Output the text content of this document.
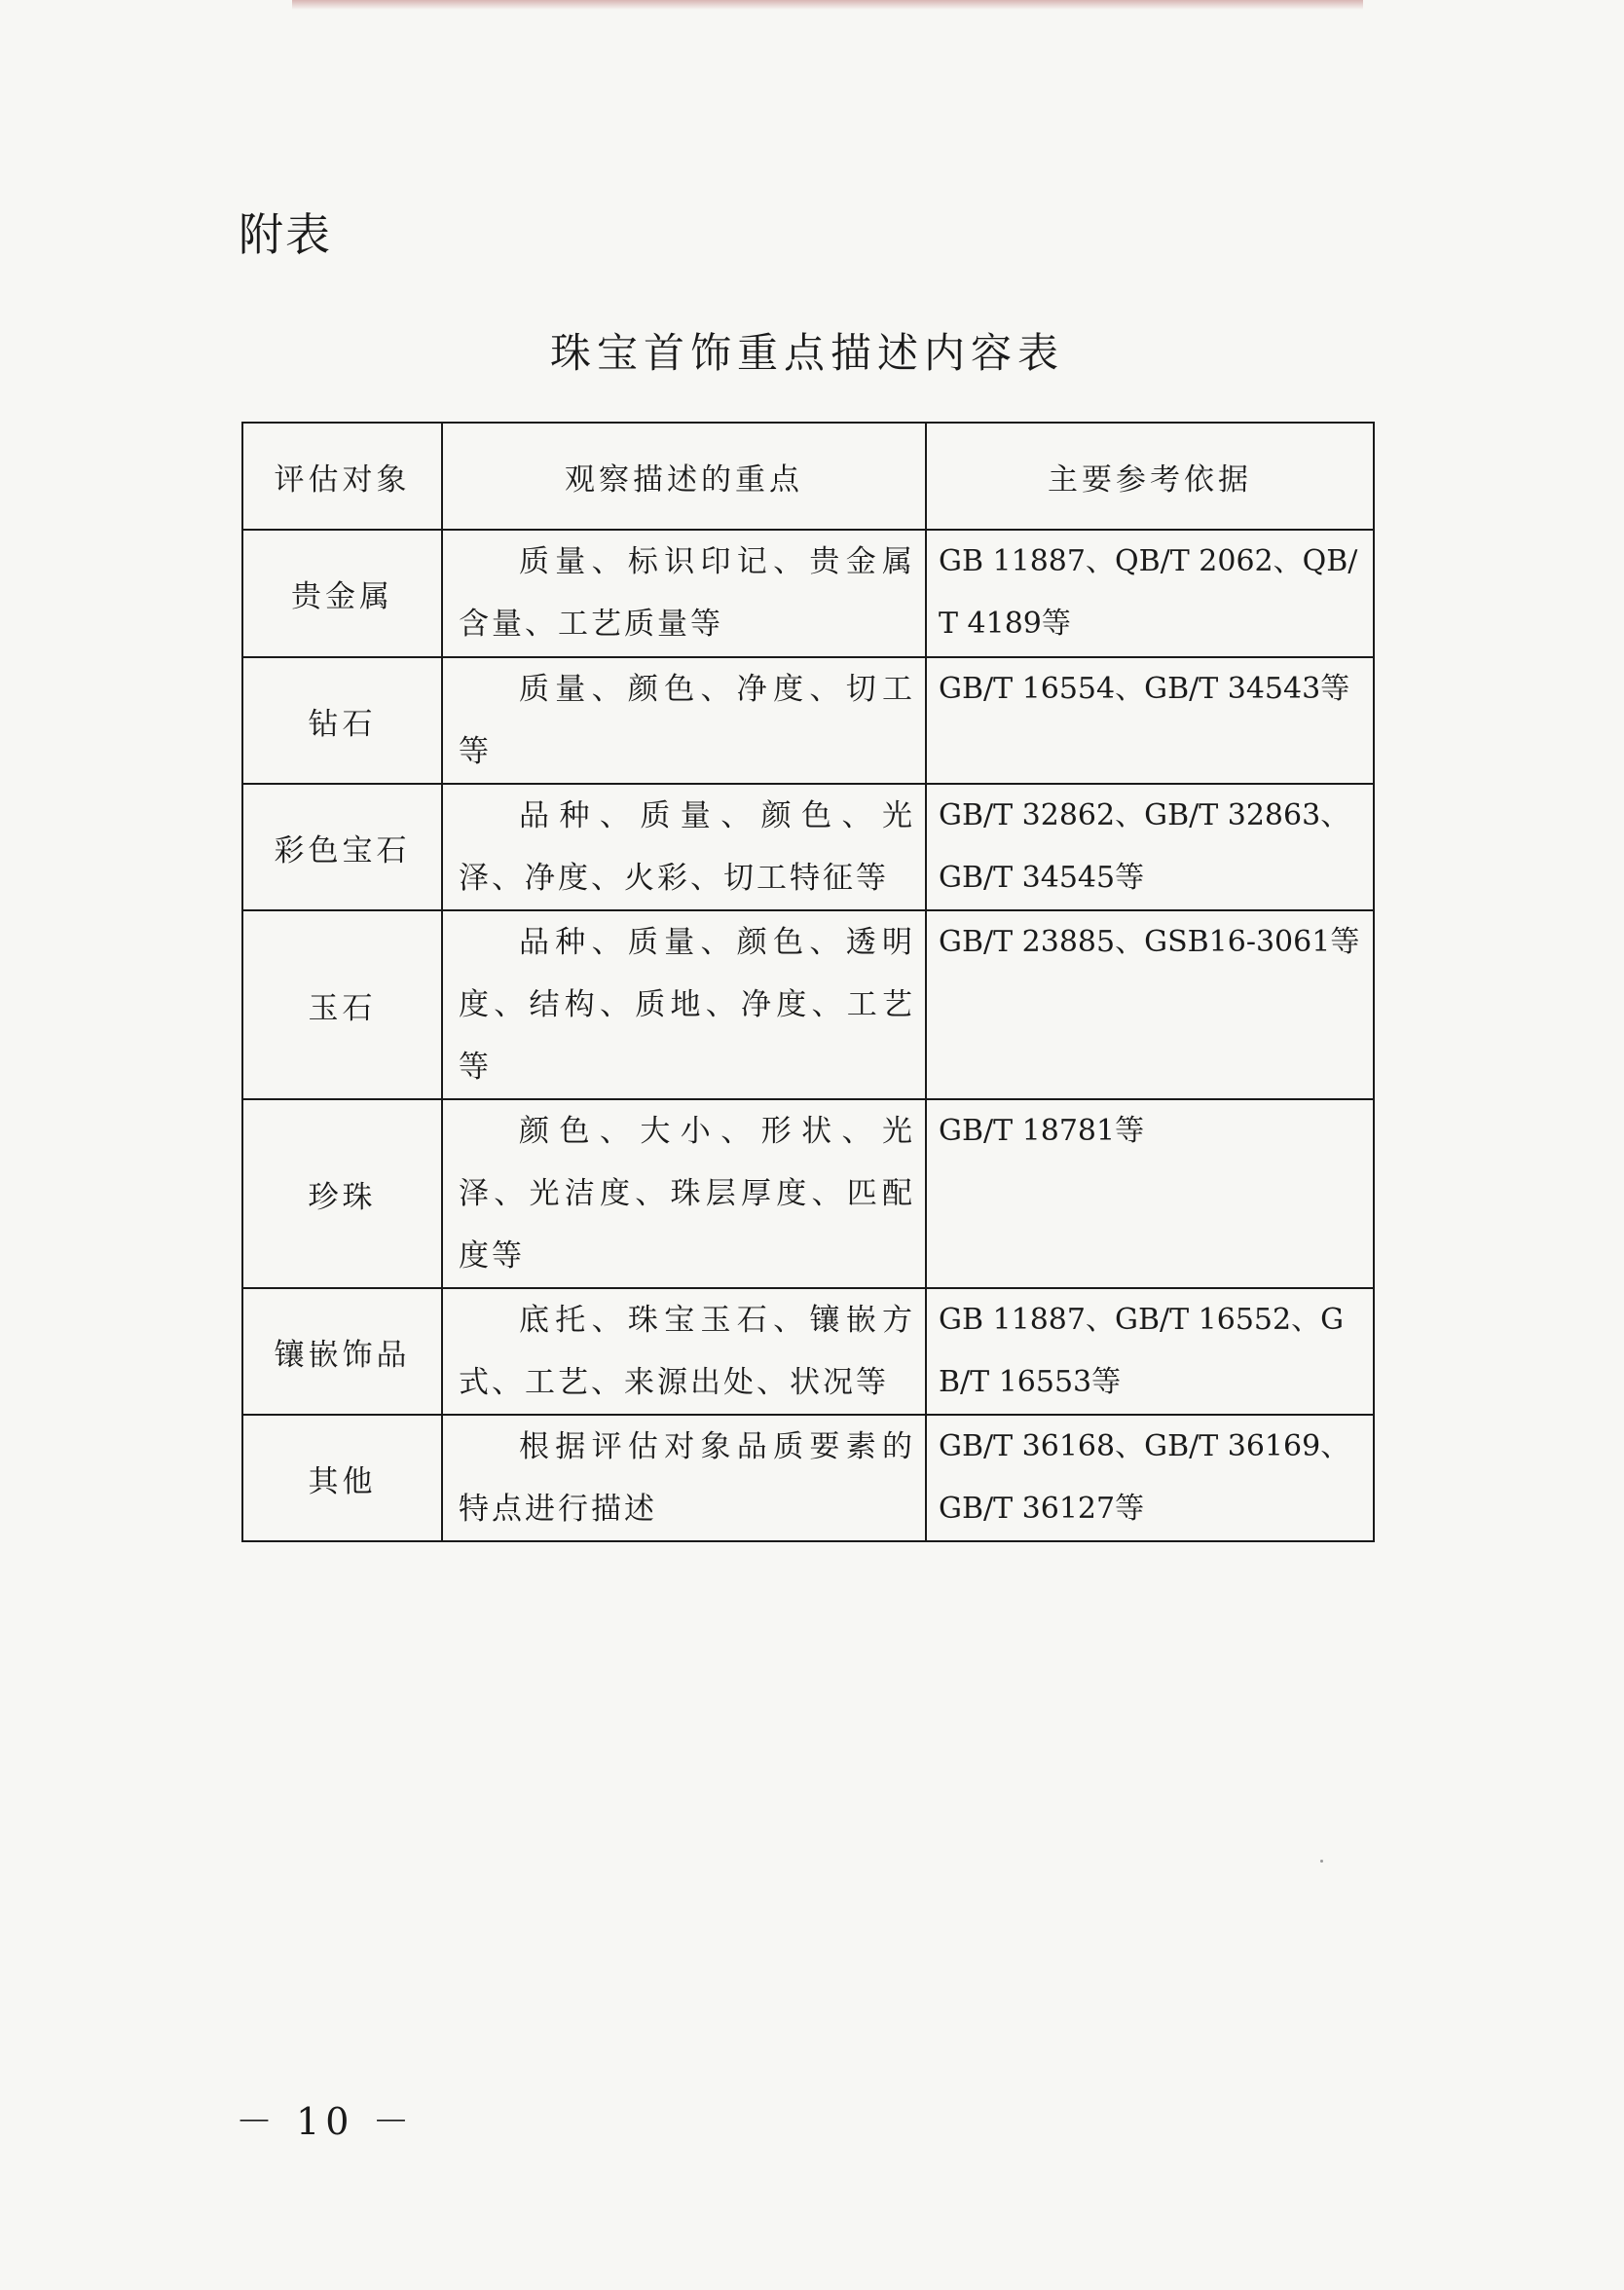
附表
珠宝首饰重点描述内容表
评估对象	观察描述的重点	主要参考依据
贵金属	质量、标识印记、贵金属含量、工艺质量等	GB 11887、QB/T 2062、QB/T 4189等
钻石	质量、颜色、净度、切工等	GB/T 16554、GB/T 34543等
彩色宝石	品种、质量、颜色、光泽、净度、火彩、切工特征等	GB/T 32862、GB/T 32863、GB/T 34545等
玉石	品种、质量、颜色、透明度、结构、质地、净度、工艺等	GB/T 23885、GSB16-3061等
珍珠	颜色、大小、形状、光泽、光洁度、珠层厚度、匹配度等	GB/T 18781等
镶嵌饰品	底托、珠宝玉石、镶嵌方式、工艺、来源出处、状况等	GB 11887、GB/T 16552、GB/T 16553等
其他	根据评估对象品质要素的特点进行描述	GB/T 36168、GB/T 36169、GB/T 36127等
－ 10 －
